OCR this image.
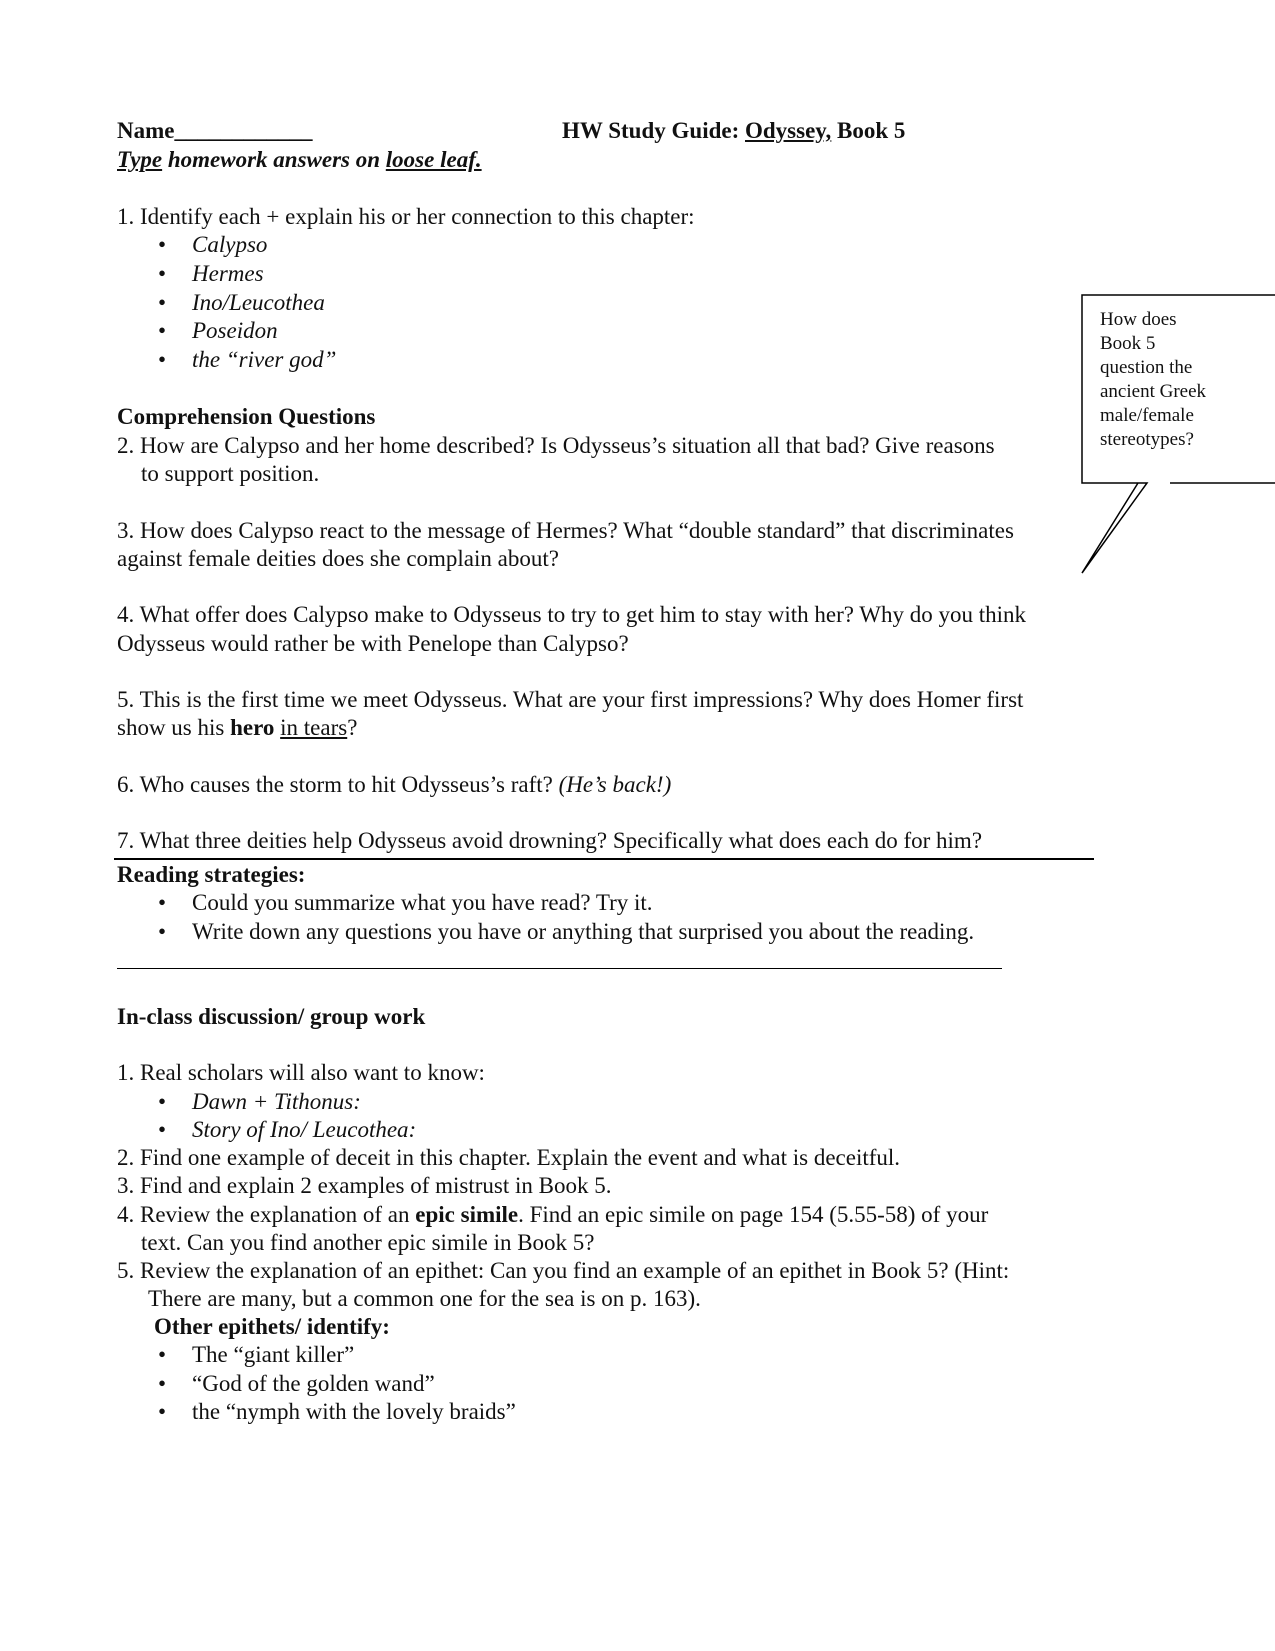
Name____________	HW Study Guide: Odyssey, Book 5
Type homework answers on loose leaf.
1. Identify each + explain his or her connection to this chapter:
• Calypso
• Hermes
• Ino/Leucothea
• Poseidon
• the “river god”
How does Book 5 question the ancient Greek male/female stereotypes?
Comprehension Questions
2. How are Calypso and her home described? Is Odysseus’s situation all that bad? Give reasons
to support position.
3. How does Calypso react to the message of Hermes? What “double standard” that discriminates
against female deities does she complain about?
4. What offer does Calypso make to Odysseus to try to get him to stay with her? Why do you think
Odysseus would rather be with Penelope than Calypso?
5. This is the first time we meet Odysseus. What are your first impressions? Why does Homer first
show us his hero in tears?
6. Who causes the storm to hit Odysseus’s raft? (He’s back!)
7. What three deities help Odysseus avoid drowning? Specifically what does each do for him?
Reading strategies:
• Could you summarize what you have read? Try it.
• Write down any questions you have or anything that surprised you about the reading.
In-class discussion/ group work
1. Real scholars will also want to know:
• Dawn + Tithonus:
• Story of Ino/ Leucothea:
2. Find one example of deceit in this chapter. Explain the event and what is deceitful.
3. Find and explain 2 examples of mistrust in Book 5.
4. Review the explanation of an epic simile. Find an epic simile on page 154 (5.55-58) of your
text. Can you find another epic simile in Book 5?
5. Review the explanation of an epithet: Can you find an example of an epithet in Book 5? (Hint:
There are many, but a common one for the sea is on p. 163).
Other epithets/ identify:
• The “giant killer”
• “God of the golden wand”
• the “nymph with the lovely braids”
